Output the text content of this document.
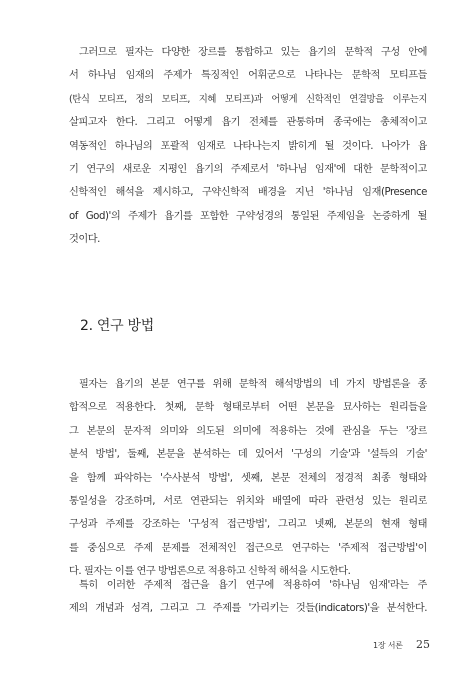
그러므로 필자는 다양한 장르를 통합하고 있는 욥기의 문학적 구성 안에
서 하나님 임재의 주제가 특징적인 어휘군으로 나타나는 문학적 모티프들
(탄식 모티프, 정의 모티프, 지혜 모티프)과 어떻게 신학적인 연결망을 이루는지
살피고자 한다. 그리고 어떻게 욥기 전체를 관통하며 종국에는 총체적이고
역동적인 하나님의 포괄적 임재로 나타나는지 밝히게 될 것이다. 나아가 욥
기 연구의 새로운 지평인 욥기의 주제로서 '하나님 임재'에 대한 문학적이고
신학적인 해석을 제시하고, 구약신학적 배경을 지닌 '하나님 임재(Presence
of God)'의 주제가 욥기를 포함한 구약성경의 통일된 주제임을 논증하게 될
것이다.
2. 연구 방법
필자는 욥기의 본문 연구를 위해 문학적 해석방법의 네 가지 방법론을 종
합적으로 적용한다. 첫째, 문학 형태로부터 어떤 본문을 묘사하는 원리들을
그 본문의 문자적 의미와 의도된 의미에 적용하는 것에 관심을 두는 '장르
분석 방법', 둘째, 본문을 분석하는 데 있어서 '구성의 기술'과 '설득의 기술'
을 함께 파악하는 '수사분석 방법', 셋째, 본문 전체의 정경적 최종 형태와
통일성을 강조하며, 서로 연관되는 위치와 배열에 따라 관련성 있는 원리로
구성과 주제를 강조하는 '구성적 접근방법', 그리고 넷째, 본문의 현재 형태
를 중심으로 주제 문제를 전체적인 접근으로 연구하는 '주제적 접근방법'이
다. 필자는 이를 연구 방법론으로 적용하고 신학적 해석을 시도한다.
특히 이러한 주제적 접근을 욥기 연구에 적용하여 '하나님 임재'라는 주
제의 개념과 성격, 그리고 그 주제를 '가리키는 것들(indicators)'을 분석한다.
1장 서론 25
